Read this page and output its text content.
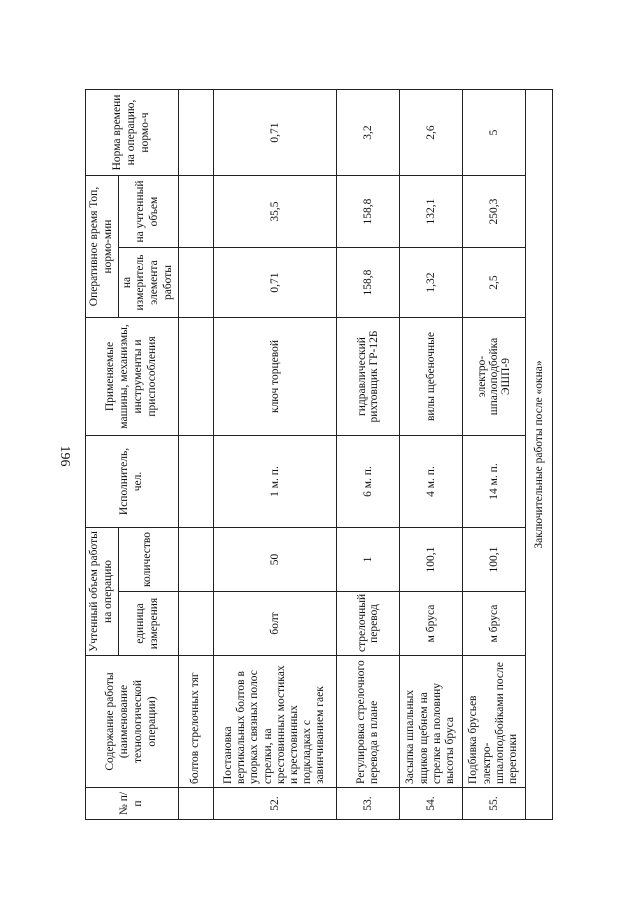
196
№ п/п	Содержание работы (наименование технологической операции)	Учтенный объем работы на операцию		Исполнитель, чел.	Применяемые машины, механизмы, инструменты и приспособления	Оперативное время Топ, нормо-мин		Норма времени на операцию, нормо-ч
		единица измерения	количество			на измеритель элемента работы	на учтенный объем	
	болтов стрелочных тяг							
52.	Постановка вертикальных болтов в упорках связных полос стрелки, на крестовинных мостиках и крестовинных подкладках с завинчиванием гаек	болт	50	1 м. п.	ключ торцевой	0,71	35,5	0,71
53.	Регулировка стрелочного перевода в плане	стрелочный перевод	1	6 м. п.	гидравлический рихтовщик ГР-12Б	158,8	158,8	3,2
54.	Засыпка шпальных ящиков щебнем на стрелке на половину высоты бруса	м бруса	100,1	4 м. п.	вилы щебеночные	1,32	132,1	2,6
55.	Подбивка брусьев электро-шпалоподбойками после перегонки	м бруса	100,1	14 м. п.	электро-шпалоподбойка ЭШП-9	2,5	250,3	5
Заключительные работы после «окна»								
